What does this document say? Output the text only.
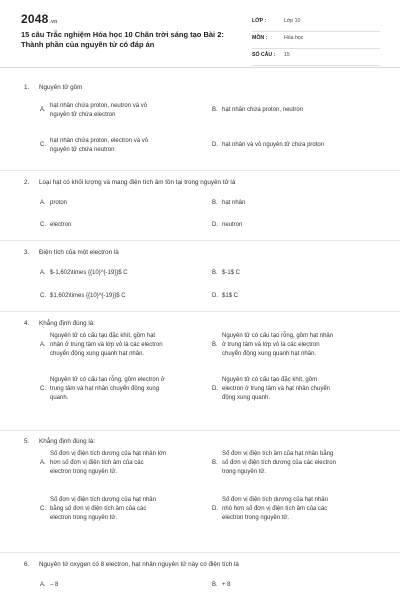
2048.vn
15 câu Trắc nghiệm Hóa học 10 Chân trời sáng tạo Bài 2:
Thành phần của nguyên tử có đáp án
LỚP :	Lớp 10
MÔN :	Hóa học
SỐ CÂU : 15
1. Nguyên tử gồm
A.
hạt nhân chứa proton, neutron và vỏ
nguyên tử chứa electron
B. hạt nhân chứa proton, neutron
C.
hạt nhân chứa proton, electron và vỏ
nguyên tử chứa neutron
D. hạt nhân và vỏ nguyên tử chứa proton
2. Loại hạt có khối lượng và mang điện tích âm tồn tại trong nguyên tử là
A. proton	B. hạt nhân
C. electron	D. neutron
3. Điện tích của một electron là
A. $-1,602\times {{10}^{-19}}$ C	B. $-1$ C
C. $1,602\times {{10}^{-19}}$ C	D. $1$ C
4. Khẳng định đúng là:
A.
Nguyên tử có cấu tạo đặc khít, gồm hạt
nhân ở trung tâm và lớp vỏ là các electron
chuyển động xung quanh hạt nhân.
B.
Nguyên tử có cấu tạo rỗng, gồm hạt nhân
ở trung tâm và lớp vỏ là các electron
chuyển động xung quanh hạt nhân.
C.
Nguyên tử có cấu tạo rỗng, gồm electron ở
trung tâm và hạt nhân chuyển động xung
quanh.
D.
Nguyên tử có cấu tạo đặc khít, gồm
electron ở trung tâm và hạt nhân chuyển
động xung quanh.
5. Khẳng định đúng là:
A.
Số đơn vị điện tích dương của hạt nhân lớn
hơn số đơn vị điện tích âm của các
electron trong nguyên tử.
B.
Số đơn vị điện tích âm của hạt nhân bằng
số đơn vị điện tích dương của các electron
trong nguyên tử.
C.
Số đơn vị điện tích dương của hạt nhân
bằng số đơn vị điện tích âm của các
electron trong nguyên tử.
D.
Số đơn vị điện tích dương của hạt nhân
nhỏ hơn số đơn vị điện tích âm của các
electron trong nguyên tử.
6. Nguyên tử oxygen có 8 electron, hạt nhân nguyên tử này có điện tích là
A. – 8	B. + 8
